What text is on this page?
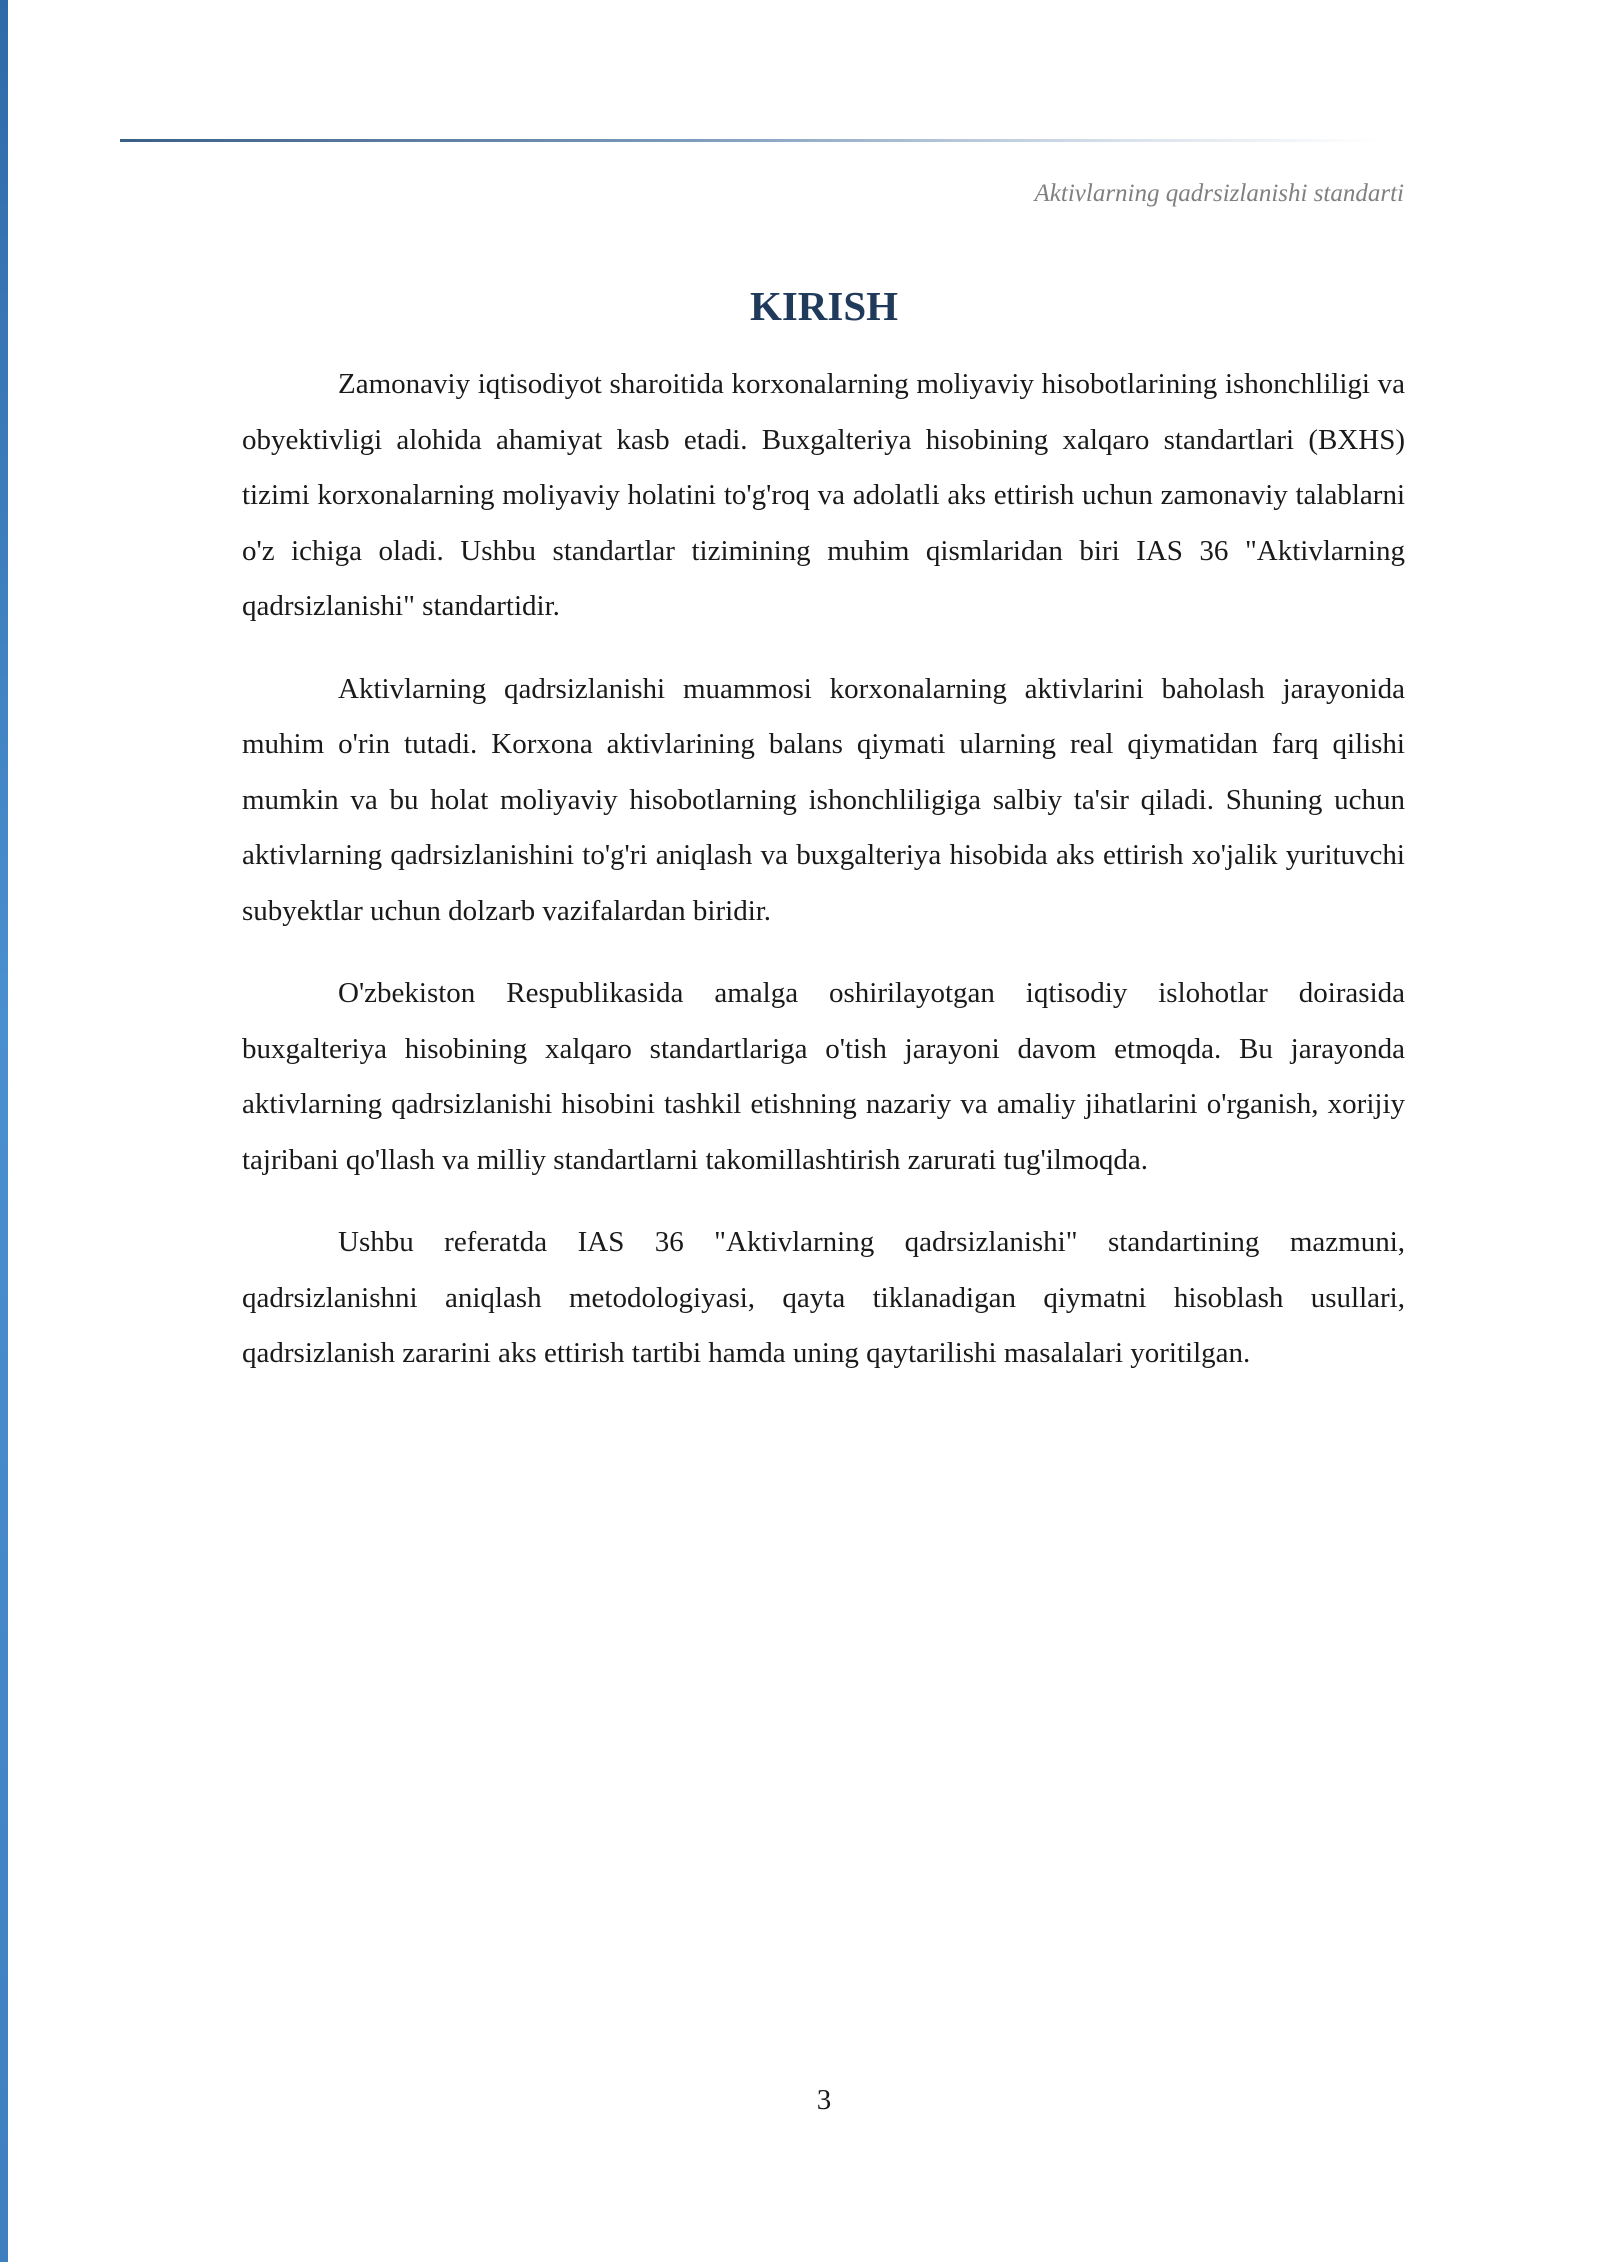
Aktivlarning qadrsizlanishi standarti
KIRISH

Zamonaviy iqtisodiyot sharoitida korxonalarning moliyaviy hisobotlarining ishonchliligi va obyektivligi alohida ahamiyat kasb etadi. Buxgalteriya hisobining xalqaro standartlari (BXHS) tizimi korxonalarning moliyaviy holatini to'g'roq va adolatli aks ettirish uchun zamonaviy talablarni o'z ichiga oladi. Ushbu standartlar tizimining muhim qismlaridan biri IAS 36 "Aktivlarning qadrsizlanishi" standartidir.

Aktivlarning qadrsizlanishi muammosi korxonalarning aktivlarini baholash jarayonida muhim o'rin tutadi. Korxona aktivlarining balans qiymati ularning real qiymatidan farq qilishi mumkin va bu holat moliyaviy hisobotlarning ishonchliligiga salbiy ta'sir qiladi. Shuning uchun aktivlarning qadrsizlanishini to'g'ri aniqlash va buxgalteriya hisobida aks ettirish xo'jalik yurituvchi subyektlar uchun dolzarb vazifalardan biridir.

O'zbekiston Respublikasida amalga oshirilayotgan iqtisodiy islohotlar doirasida buxgalteriya hisobining xalqaro standartlariga o'tish jarayoni davom etmoqda. Bu jarayonda aktivlarning qadrsizlanishi hisobini tashkil etishning nazariy va amaliy jihatlarini o'rganish, xorijiy tajribani qo'llash va milliy standartlarni takomillashtirish zarurati tug'ilmoqda.

Ushbu referatda IAS 36 "Aktivlarning qadrsizlanishi" standartining mazmuni, qadrsizlanishni aniqlash metodologiyasi, qayta tiklanadigan qiymatni hisoblash usullari, qadrsizlanish zararini aks ettirish tartibi hamda uning qaytarilishi masalalari yoritilgan.

3
